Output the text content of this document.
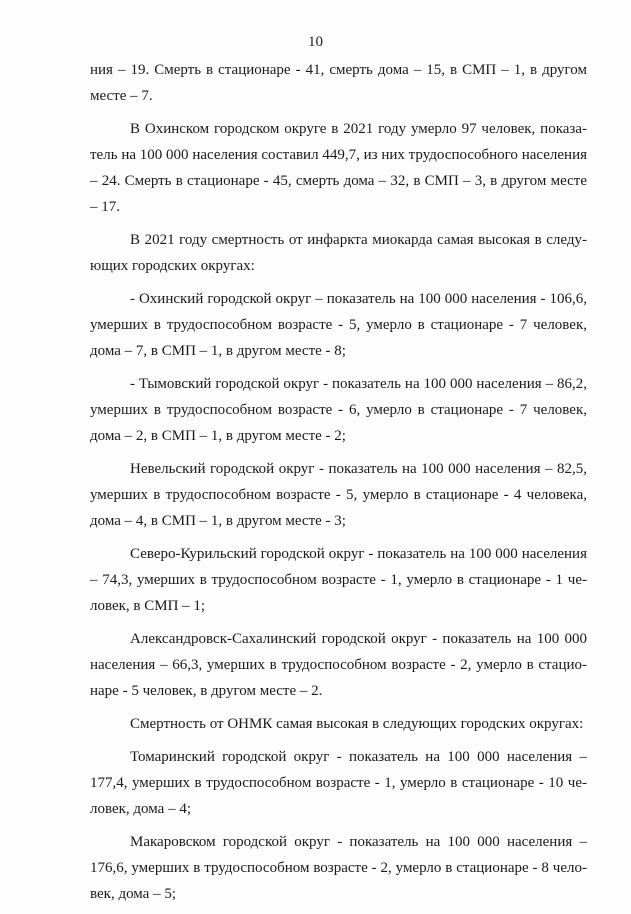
10
ния – 19. Смерть в стационаре - 41, смерть дома – 15, в СМП – 1, в другом
месте – 7.
В Охинском городском округе в 2021 году умерло 97 человек, показа-
тель на 100 000 населения составил 449,7, из них трудоспособного населения
– 24. Смерть в стационаре - 45, смерть дома – 32, в СМП – 3, в другом месте
– 17.
В 2021 году смертность от инфаркта миокарда самая высокая в следу-
ющих городских округах:
- Охинский городской округ – показатель на 100 000 населения - 106,6,
умерших в трудоспособном возрасте - 5, умерло в стационаре - 7 человек,
дома – 7, в СМП – 1, в другом месте - 8;
- Тымовский городской округ - показатель на 100 000 населения – 86,2,
умерших в трудоспособном возрасте - 6, умерло в стационаре - 7 человек,
дома – 2, в СМП – 1, в другом месте - 2;
Невельский городской округ - показатель на 100 000 населения – 82,5,
умерших в трудоспособном возрасте - 5, умерло в стационаре - 4 человека,
дома – 4, в СМП – 1, в другом месте - 3;
Северо-Курильский городской округ - показатель на 100 000 населения
– 74,3, умерших в трудоспособном возрасте - 1, умерло в стационаре - 1 че-
ловек, в СМП – 1;
Александровск-Сахалинский городской округ - показатель на 100 000
населения – 66,3, умерших в трудоспособном возрасте - 2, умерло в стацио-
наре - 5 человек, в другом месте – 2.
Смертность от ОНМК самая высокая в следующих городских округах:
Томаринский городской округ - показатель на 100 000 населения –
177,4, умерших в трудоспособном возрасте - 1, умерло в стационаре - 10 че-
ловек, дома – 4;
Макаровском городской округ - показатель на 100 000 населения –
176,6, умерших в трудоспособном возрасте - 2, умерло в стационаре - 8 чело-
век, дома – 5;
